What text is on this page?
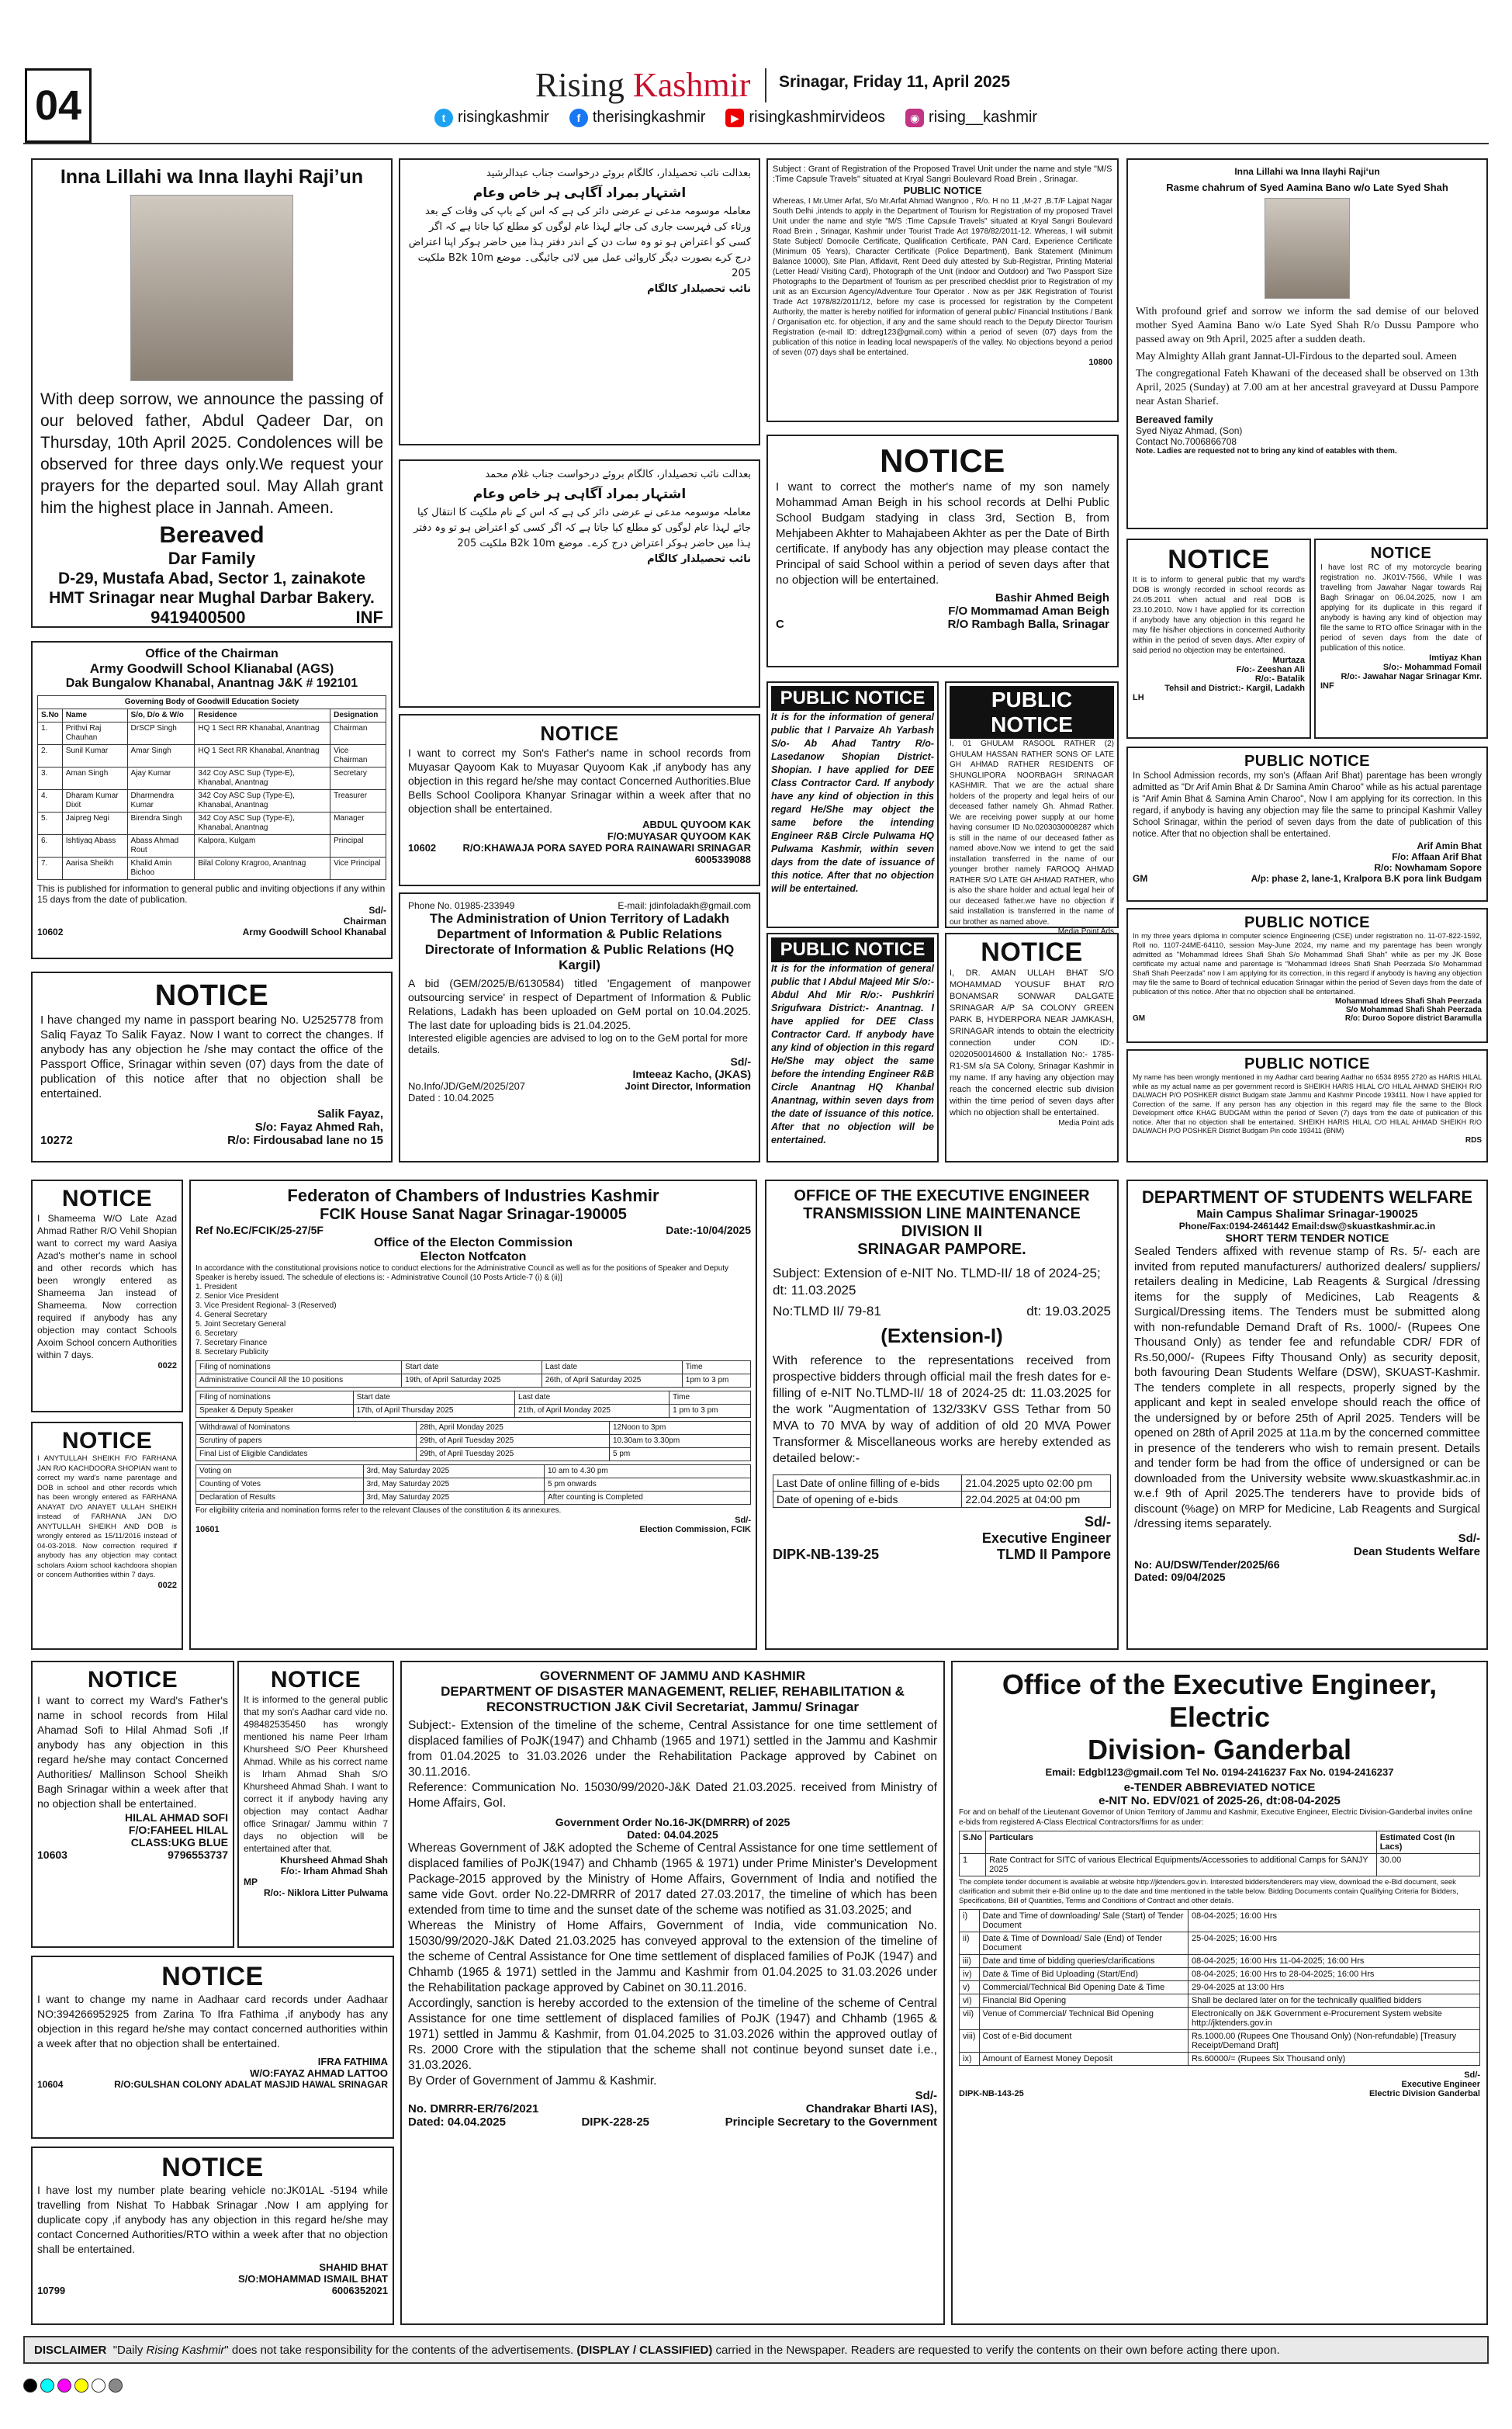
04	Rising Kashmir Srinagar, Friday 11, April 2025
t risingkashmir	f therisingkashmir	▶ risingkashmirvideos	◉ rising__kashmir
Inna Lillahi wa Inna Ilayhi Raji’un
With deep sorrow, we announce the passing of our beloved father, Abdul Qadeer Dar, on Thursday, 10th April 2025. Condolences will be observed for three days only.We request your prayers for the departed soul. May Allah grant him the highest place in Jannah. Ameen.
Bereaved
Dar Family
D-29, Mustafa Abad, Sector 1, zainakote HMT Srinagar near Mughal Darbar Bakery.
9419400500	INF
Office of the Chairman
Army Goodwill School Klianabal (AGS)
Dak Bungalow Khanabal, Anantnag J&K # 192101
Governing Body of Goodwill Education Society				
S.No	Name	S/o, D/o & W/o	Residence	Designation
1.	Prithvi Raj Chauhan	DrSCP Singh	HQ 1 Sect RR Khanabal, Anantnag	Chairman
2.	Sunil Kumar	Amar Singh	HQ 1 Sect RR Khanabal, Anantnag	Vice Chairman
3.	Aman Singh	Ajay Kumar	342 Coy ASC Sup (Type-E), Khanabal, Anantnag	Secretary
4.	Dharam Kumar Dixit	Dharmendra Kumar	342 Coy ASC Sup (Type-E), Khanabal, Anantnag	Treasurer
5.	Jaipreg Negi	Birendra Singh	342 Coy ASC Sup (Type-E), Khanabal, Anantnag	Manager
6.	Ishtiyaq Abass	Abass Ahmad Rout	Kalpora, Kulgam	Principal
7.	Aarisa Sheikh	Khalid Amin Bichoo	Bilal Colony Kragroo, Anantnag	Vice Principal
This is published for information to general public and inviting objections if any within 15 days from the date of publication.
Sd/-
Chairman
10602	Army Goodwill School Khanabal
NOTICE
I have changed my name in passport bearing No. U2525778 from Saliq Fayaz To Salik Fayaz. Now I want to correct the changes. If anybody has any objection he /she may contact the office of the Passport Office, Srinagar within seven (07) days from the date of publication of this notice after that no objection shall be entertained.
Salik Fayaz,
S/o: Fayaz Ahmed Rah,
10272	R/o: Firdousabad lane no 15
بعدالت نائب تحصیلدار، کالگام بروئے درخواست جناب عبدالرشید
اشتہار بمراد آگاہی ہر خاص وعام
معاملہ موسومہ مدعی نے عرضی دائر کی ہے کہ اس کے باپ کی وفات کے بعد ورثاء کی فہرست جاری کی جائے لہذا عام لوگوں کو مطلع کیا جاتا ہے کہ اگر کسی کو اعتراض ہو تو وہ سات دن کے اندر دفتر ہذا میں حاضر ہوکر اپنا اعتراض درج کرے بصورت دیگر کاروائی عمل میں لائی جائیگی۔ موضع B2k 10m ملکیت 205
نائب تحصیلدار کالگام
بعدالت نائب تحصیلدار، کالگام بروئے درخواست جناب غلام محمد
اشتہار بمراد آگاہی ہر خاص وعام
معاملہ موسومہ مدعی نے عرضی دائر کی ہے کہ اس کے نام ملکیت کا انتقال کیا جائے لہذا عام لوگوں کو مطلع کیا جاتا ہے کہ اگر کسی کو اعتراض ہو تو وہ دفتر ہذا میں حاضر ہوکر اعتراض درج کرے۔ موضع B2k 10m ملکیت 205
نائب تحصیلدار کالگام
NOTICE
I want to correct my Son's Father's name in school records from Muyasar Qayoom Kak to Muyasar Quyoom Kak ,if anybody has any objection in this regard he/she may contact Concerned Authorities.Blue Bells School Coolipora Khanyar Srinagar within a week after that no objection shall be entertained.
ABDUL QUYOOM KAK
F/O:MUYASAR QUYOOM KAK
10602	R/O:KHAWAJA PORA SAYED PORA RAINAWARI SRINAGAR
6005339088
Phone No. 01985-233949	E-mail: jdinfoladakh@gmail.com
The Administration of Union Territory of Ladakh
Department of Information & Public Relations
Directorate of Information & Public Relations (HQ Kargil)
A bid (GEM/2025/B/6130584) titled 'Engagement of manpower outsourcing service' in respect of Department of Information & Public Relations, Ladakh has been uploaded on GeM portal on 10.04.2025. The last date for uploading bids is 21.04.2025.
Interested eligible agencies are advised to log on to the GeM portal for more details.
Sd/-
Imteeaz Kacho, (JKAS)
No.Info/JD/GeM/2025/207	Joint Director, Information
Dated : 10.04.2025
Subject : Grant of Registration of the Proposed Travel Unit under the name and style "M/S :Time Capsule Travels" situated at Kryal Sangri Boulevard Road Brein , Srinagar.
PUBLIC NOTICE
Whereas, I Mr.Umer Arfat, S/o Mr.Arfat Ahmad Wangnoo , R/o. H no 11 ,M-27 ,B.T/F Lajpat Nagar South Delhi ,intends to apply in the Department of Tourism for Registration of my proposed Travel Unit under the name and style "M/S :Time Capsule Travels" situated at Kryal Sangri Boulevard Road Brein , Srinagar, Kashmir under Tourist Trade Act 1978/82/2011-12. Whereas, I will submit State Subject/ Domocile Certificate, Qualification Certificate, PAN Card, Experience Certificate (Minimum 05 Years), Character Certificate (Police Department), Bank Statement (Minimum Balance 10000), Site Plan, Affidavit, Rent Deed duly attested by Sub-Registrar, Printing Material (Letter Head/ Visiting Card), Photograph of the Unit (indoor and Outdoor) and Two Passport Size Photographs to the Department of Tourism as per prescribed checklist prior to Registration of my unit as an Excursion Agency/Adventure Tour Operator . Now as per J&K Registration of Tourist Trade Act 1978/82/2011/12, before my case is processed for registration by the Competent Authority, the matter is hereby notified for information of general public/ Financial Institutions / Bank / Organisation etc. for objection, if any and the same should reach to the Deputy Director Tourism Registration (e-mail ID: ddtreg123@gmail.com) within a period of seven (07) days from the publication of this notice in leading local newspaper/s of the valley. No objections beyond a period of seven (07) days shall be entertained.
10800
NOTICE
I want to correct the mother's name of my son namely Mohammad Aman Beigh in his school records at Delhi Public School Budgam stadying in class 3rd, Section B, from Mehjabeen Akhter to Mahajabeen Akhter as per the Date of Birth certificate. If anybody has any objection may please contact the Principal of said School within a period of seven days after that no objection will be entertained.
Bashir Ahmed Beigh
F/O Mommamad Aman Beigh
C	R/O Rambagh Balla, Srinagar
PUBLIC NOTICE
It is for the information of general public that I Parvaize Ah Yarbash S/o- Ab Ahad Tantry R/o- Lasedanow Shopian District- Shopian. I have applied for DEE Class Contractor Card. If anybody have any kind of objection in this regard He/She may object the same before the intending Engineer R&B Circle Pulwama HQ Pulwama Kashmir, within seven days from the date of issuance of this notice. After that no objection will be entertained.
PUBLIC NOTICE
I, 01 GHULAM RASOOL RATHER (2) GHULAM HASSAN RATHER SONS OF LATE GH AHMAD RATHER RESIDENTS OF SHUNGLIPORA NOORBAGH SRINAGAR KASHMIR. That we are the actual share holders of the property and legal heirs of our deceased father namely Gh. Ahmad Rather. We are receiving power supply at our home having consumer ID No.0203030008287 which is still in the name of our deceased father as named above.Now we intend to get the said installation transferred in the name of our younger brother namely FAROOQ AHMAD RATHER S/O LATE GH AHMAD RATHER, who is also the share holder and actual legal heir of our deceased father.we have no objection if said installation is transferred in the name of our brother as named above.
Media Point Ads
PUBLIC NOTICE
It is for the information of general public that I Abdul Majeed Mir S/o:- Abdul Ahd Mir R/o:- Pushkriri Srigufwara District:- Anantnag. I have applied for DEE Class Contractor Card. If anybody have any kind of objection in this regard He/She may object the same before the intending Engineer R&B Circle Anantnag HQ Khanbal Anantnag, within seven days from the date of issuance of this notice. After that no objection will be entertained.
NOTICE
I, DR. AMAN ULLAH BHAT S/O MOHAMMAD YOUSUF BHAT R/O BONAMSAR SONWAR DALGATE SRINAGAR A/P SA COLONY GREEN PARK B, HYDERPORA NEAR JAMKASH, SRINAGAR intends to obtain the electricity connection under CON ID:- 0202050014600 & Installation No:- 1785-R1-SM s/a SA Colony, Srinagar Kashmir in my name. If any having any objection may reach the concerned electric sub division within the time period of seven days after which no objection shall be entertained.
Media Point ads
Inna Lillahi wa Inna Ilayhi Rajiʻun
Rasme chahrum of Syed Aamina Bano w/o Late Syed Shah
With profound grief and sorrow we inform the sad demise of our beloved mother Syed Aamina Bano w/o Late Syed Shah R/o Dussu Pampore who passed away on 9th April, 2025 after a sudden death.
May Almighty Allah grant Jannat-Ul-Firdous to the departed soul. Ameen
The congregational Fateh Khawani of the deceased shall be observed on 13th April, 2025 (Sunday) at 7.00 am at her ancestral graveyard at Dussu Pampore near Astan Sharief.
Bereaved family
Syed Niyaz Ahmad, (Son)
Contact No.7006866708
Note. Ladies are requested not to bring any kind of eatables with them.
NOTICE
It is to inform to general public that my ward's DOB is wrongly recorded in school records as 24.05.2011 when actual and real DOB is 23.10.2010. Now I have applied for its correction if anybody have any objection in this regard he may file his/her objections in concerned Authority within in the period of seven days. After expiry of said period no objection may be entertained.
Murtaza
F/o:- Zeeshan Ali
R/o:- Batalik
Tehsil and District:- Kargil, Ladakh
LH
NOTICE
I have lost RC of my motorcycle bearing registration no. JK01V-7566, While I was travelling from Jawahar Nagar towards Raj Bagh Srinagar on 06.04.2025, now I am applying for its duplicate in this regard if anybody is having any kind of objection may file the same to RTO office Srinagar with in the period of seven days from the date of publication of this notice.
Imtiyaz Khan
S/o:- Mohammad Fomail
R/o:- Jawahar Nagar Srinagar Kmr.
INF
PUBLIC NOTICE
In School Admission records, my son's (Affaan Arif Bhat) parentage has been wrongly admitted as "Dr Arif Amin Bhat & Dr Samina Amin Charoo" while as his actual parentage is "Arif Amin Bhat & Samina Amin Charoo", Now I am applying for its correction. In this regard, if anybody is having any objection may file the same to principal Kashmir Valley School Srinagar, within the period of seven days from the date of publication of this notice. After that no objection shall be entertained.
Arif Amin Bhat
F/o: Affaan Arif Bhat
R/o: Nowhamam Sopore
GM	A/p: phase 2, lane-1, Kralpora B.K pora link Budgam
PUBLIC NOTICE
In my three years diploma in computer science Engineering (CSE) under registration no. 11-07-822-1592, Roll no. 1107-24ME-64110, session May-June 2024, my name and my parentage has been wrongly admitted as "Mohammad Idrees Shafi Shah S/o Mohammad Shafi Shah" while as per my JK Bose certificate my actual name and parentage is "Mohammad Idrees Shafi Shah Peerzada S/o Mohammad Shafi Shah Peerzada" now I am applying for its correction, in this regard if anybody is having any objection may file the same to Board of technical education Srinagar within the period of Seven days from the date of publication of this notice. After that no objection shall be entertained.
Mohammad Idrees Shafi Shah Peerzada
S/o Mohammad Shafi Shah Peerzada
GM	R/o: Duroo Sopore district Baramulla
PUBLIC NOTICE
My name has been wrongly mentioned in my Aadhar card bearing Aadhar no 6534 8955 2720 as HARIS HILAL while as my actual name as per government record is SHEIKH HARIS HILAL C/O HILAL AHMAD SHEIKH R/O DALWACH P/O POSHKER district Budgam state Jammu and Kashmir Pincode 193411. Now I have applied for Correction of the same. If any person has any objection in this regard may file the same to the Block Development office KHAG BUDGAM within the period of Seven (7) days from the date of publication of this notice. After that no objection shall be entertained. SHEIKH HARIS HILAL C/O HILAL AHMAD SHEIKH R/O DALWACH P/O POSHKER District Budgam Pin code 193411 (BNM)
RDS
NOTICE
I Shameema W/O Late Azad Ahmad Rather R/O Vehil Shopian want to correct my ward Aasiya Azad's mother's name in school and other records which has been wrongly entered as Shameema Jan instead of Shameema. Now correction required if anybody has any objection may contact Schools Axoim School concern Authorities within 7 days.
0022
NOTICE
I ANYTULLAH SHEIKH F/O FARHANA JAN R/O KACHDOORA SHOPIAN want to correct my ward's name parentage and DOB in school and other records which has been wrongly entered as FARHANA ANAYAT D/O ANAYET ULLAH SHEIKH instead of FARHANA JAN D/O ANYTULLAH SHEIKH AND DOB is wrongly entered as 15/11/2016 instead of 04-03-2018. Now correction required if anybody has any objection may contact scholars Axiom school kachdoora shopian or concern Authorities within 7 days.
0022
Federaton of Chambers of Industries Kashmir
FCIK House Sanat Nagar Srinagar-190005
Ref No.EC/FCIK/25-27/5F	Date:-10/04/2025
Office of the Electon Commission
Electon Notfcaton
In accordance with the constitutional provisions notice to conduct elections for the Administrative Council as well as for the positions of Speaker and Deputy Speaker is hereby issued. The schedule of elections is: - Administrative Council (10 Posts Article-7 (i) & (ii)]
1. President
2. Senior Vice President
3. Vice President Regional- 3 (Reserved)
4. General Secretary
5. Joint Secretary General
6. Secretary
7. Secretary Finance
8. Secretary Publicity
Filing of nominations	Start date	Last date	Time
Administrative Council All the 10 positions	19th, of April Saturday 2025	26th, of April Saturday 2025	1pm to 3 pm
Filing of nominations	Start date	Last date	Time
Speaker & Deputy Speaker	17th, of April Thursday 2025	21th, of April Monday 2025	1 pm to 3 pm
Withdrawal of Nominatons	28th, April Monday 2025	12Noon to 3pm
Scrutiny of papers	29th, of April Tuesday 2025	10.30am to 3.30pm
Final List of Eligible Candidates	29th, of April Tuesday 2025	5 pm
Voting on	3rd, May Saturday 2025	10 am to 4.30 pm
Counting of Votes	3rd, May Saturday 2025	5 pm onwards
Declaration of Results	3rd, May Saturday 2025	After counting is Completed
For eligibility criteria and nomination forms refer to the relevant Clauses of the constitution & its annexures.
Sd/-
10601	Election Commission, FCIK
OFFICE OF THE EXECUTIVE ENGINEER
TRANSMISSION LINE MAINTENANCE DIVISION II
SRINAGAR PAMPORE.
Subject: Extension of e-NIT No. TLMD-II/ 18 of 2024-25; dt: 11.03.2025
No:TLMD II/ 79-81	dt: 19.03.2025
(Extension-I)
With reference to the representations received from prospective bidders through official mail the fresh dates for e-filling of e-NIT No.TLMD-II/ 18 of 2024-25 dt: 11.03.2025 for the work "Augmentation of 132/33KV GSS Tethar from 50 MVA to 70 MVA by way of addition of old 20 MVA Power Transformer & Miscellaneous works are hereby extended as detailed below:-
Last Date of online filling of e-bids	21.04.2025 upto 02:00 pm
Date of opening of e-bids	22.04.2025 at 04:00 pm
Sd/-
Executive Engineer
DIPK-NB-139-25	TLMD II Pampore
DEPARTMENT OF STUDENTS WELFARE
Main Campus Shalimar Srinagar-190025
Phone/Fax:0194-2461442 Email:dsw@skuastkashmir.ac.in
SHORT TERM TENDER NOTICE
Sealed Tenders affixed with revenue stamp of Rs. 5/- each are invited from reputed manufacturers/ authorized dealers/ suppliers/ retailers dealing in Medicine, Lab Reagents & Surgical /dressing items for the supply of Medicines, Lab Reagents & Surgical/Dressing items. The Tenders must be submitted along with non-refundable Demand Draft of Rs. 1000/- (Rupees One Thousand Only) as tender fee and refundable CDR/ FDR of Rs.50,000/- (Rupees Fifty Thousand Only) as security deposit, both favouring Dean Students Welfare (DSW), SKUAST-Kashmir. The tenders complete in all respects, properly signed by the applicant and kept in sealed envelope should reach the office of the undersigned by or before 25th of April 2025. Tenders will be opened on 28th of April 2025 at 11a.m by the concerned committee in presence of the tenderers who wish to remain present. Details and tender form be had from the office of undersigned or can be downloaded from the University website www.skuastkashmir.ac.in w.e.f 9th of April 2025.The tenderers have to provide bids of discount (%age) on MRP for Medicine, Lab Reagents and Surgical /dressing items separately.
Sd/-
Dean Students Welfare
No: AU/DSW/Tender/2025/66
Dated: 09/04/2025
NOTICE
I want to correct my Ward's Father's name in school records from Hilal Ahamad Sofi to Hilal Ahmad Sofi ,If anybody has any objection in this regard he/she may contact Concerned Authorities/ Mallinson School Sheikh Bagh Srinagar within a week after that no objection shall be entertained.
HILAL AHMAD SOFI
F/O:FAHEEL HILAL
CLASS:UKG BLUE
10603	9796553737
NOTICE
It is informed to the general public that my son's Aadhar card vide no. 498482535450 has wrongly mentioned his name Peer Irham Khursheed S/O Peer Khursheed Ahmad. While as his correct name is Irham Ahmad Shah S/O Khursheed Ahmad Shah. I want to correct it if anybody having any objection may contact Aadhar office Srinagar/ Jammu within 7 days no objection will be entertained after that.
Khursheed Ahmad Shah
F/o:- Irham Ahmad Shah
MP
R/o:- Niklora Litter Pulwama
NOTICE
I want to change my name in Aadhaar card records under Aadhaar NO:394266952925 from Zarina To Ifra Fathima ,if anybody has any objection in this regard he/she may contact concerned authorities within a week after that no objection shall be entertained.
IFRA FATHIMA
W/O:FAYAZ AHMAD LATTOO
10604	R/O:GULSHAN COLONY ADALAT MASJID HAWAL SRINAGAR
NOTICE
I have lost my number plate bearing vehicle no:JK01AL -5194 while travelling from Nishat To Habbak Srinagar .Now I am applying for duplicate copy ,if anybody has any objection in this regard he/she may contact Concerned Authorities/RTO within a week after that no objection shall be entertained.
SHAHID BHAT
S/O:MOHAMMAD ISMAIL BHAT
10799	6006352021
GOVERNMENT OF JAMMU AND KASHMIR
DEPARTMENT OF DISASTER MANAGEMENT, RELIEF, REHABILITATION &
RECONSTRUCTION J&K Civil Secretariat, Jammu/ Srinagar
Subject:- Extension of the timeline of the scheme, Central Assistance for one time settlement of displaced families of PoJK(1947) and Chhamb (1965 and 1971) settled in the Jammu and Kashmir from 01.04.2025 to 31.03.2026 under the Rehabilitation Package approved by Cabinet on 30.11.2016.
Reference: Communication No. 15030/99/2020-J&K Dated 21.03.2025. received from Ministry of Home Affairs, GoI.
Government Order No.16-JK(DMRRR) of 2025
Dated: 04.04.2025
Whereas Government of J&K adopted the Scheme of Central Assistance for one time settlement of displaced families of PoJK(1947) and Chhamb (1965 & 1971) under Prime Minister's Development Package-2015 approved by the Ministry of Home Affairs, Government of India and notified the same vide Govt. order No.22-DMRRR of 2017 dated 27.03.2017, the timeline of which has been extended from time to time and the sunset date of the scheme was notified as 31.03.2025; and
Whereas the Ministry of Home Affairs, Government of India, vide communication No. 15030/99/2020-J&K Dated 21.03.2025 has conveyed approval to the extension of the timeline of the scheme of Central Assistance for One time settlement of displaced families of PoJK (1947) and Chhamb (1965 & 1971) settled in the Jammu and Kashmir from 01.04.2025 to 31.03.2026 under the Rehabilitation package approved by Cabinet on 30.11.2016.
Accordingly, sanction is hereby accorded to the extension of the timeline of the scheme of Central Assistance for one time settlement of displaced families of PoJK (1947) and Chhamb (1965 & 1971) settled in Jammu & Kashmir, from 01.04.2025 to 31.03.2026 within the approved outlay of Rs. 2000 Crore with the stipulation that the scheme shall not continue beyond sunset date i.e., 31.03.2026.
By Order of Government of Jammu & Kashmir.
Sd/-
No. DMRRR-ER/76/2021	Chandrakar Bharti IAS),
Dated: 04.04.2025	DIPK-228-25	Principle Secretary to the Government
Office of the Executive Engineer, Electric
Division- Ganderbal
Email: Edgbl123@gmail.com Tel No. 0194-2416237 Fax No. 0194-2416237
e-TENDER ABBREVIATED NOTICE
e-NIT No. EDV/021 of 2025-26, dt:08-04-2025
For and on behalf of the Lieutenant Governor of Union Territory of Jammu and Kashmir, Executive Engineer, Electric Division-Ganderbal invites online e-bids from registered A-Class Electrical Contractors/firms for as under:
S.No	Particulars	Estimated Cost (In Lacs)
1	Rate Contract for SITC of various Electrical Equipments/Accessories to additional Camps for SANJY 2025	30.00
The complete tender document is available at website http://jktenders.gov.in. Interested bidders/tenderers may view, download the e-Bid document, seek clarification and submit their e-Bid online up to the date and time mentioned in the table below. Bidding Documents contain Qualifying Criteria for Bidders, Specifications, Bill of Quantities, Terms and Conditions of Contract and other details.
i)	Date and Time of downloading/ Sale (Start) of Tender Document	08-04-2025; 16:00 Hrs
ii)	Date & Time of Download/ Sale (End) of Tender Document	25-04-2025; 16:00 Hrs
iii)	Date and time of bidding queries/clarifications	08-04-2025; 16:00 Hrs 11-04-2025; 16:00 Hrs
iv)	Date & Time of Bid Uploading (Start/End)	08-04-2025; 16:00 Hrs to 28-04-2025; 16:00 Hrs
v)	Commercial/Technical Bid Opening Date & Time	29-04-2025 at 13:00 Hrs
vi)	Financial Bid Opening	Shall be declared later on for the technically qualified bidders
vii)	Venue of Commercial/ Technical Bid Opening	Electronically on J&K Government e-Procurement System website http://jktenders.gov.in
viii)	Cost of e-Bid document	Rs.1000.00 (Rupees One Thousand Only) (Non-refundable) [Treasury Receipt/Demand Draft]
ix)	Amount of Earnest Money Deposit	Rs.60000/= (Rupees Six Thousand only)
Sd/-
Executive Engineer
DIPK-NB-143-25	Electric Division Ganderbal
DISCLAIMER "Daily Rising Kashmir" does not take responsibility for the contents of the advertisements. (DISPLAY / CLASSIFIED) carried in the Newspaper. Readers are requested to verify the contents on their own before acting there upon.
